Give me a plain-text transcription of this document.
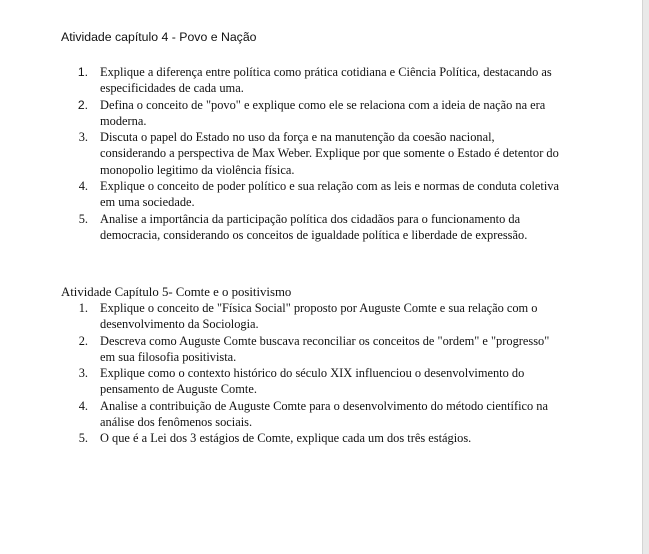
Atividade capítulo 4 - Povo e Nação
1. Explique a diferença entre política como prática cotidiana e Ciência Política, destacando as especificidades de cada uma.
2. Defina o conceito de "povo" e explique como ele se relaciona com a ideia de nação na era moderna.
3. Discuta o papel do Estado no uso da força e na manutenção da coesão nacional, considerando a perspectiva de Max Weber. Explique por que somente o Estado é detentor do monopolio legitimo da violência física.
4. Explique o conceito de poder político e sua relação com as leis e normas de conduta coletiva em uma sociedade.
5. Analise a importância da participação política dos cidadãos para o funcionamento da democracia, considerando os conceitos de igualdade política e liberdade de expressão.
Atividade Capítulo 5- Comte e o positivismo
1. Explique o conceito de "Física Social" proposto por Auguste Comte e sua relação com o desenvolvimento da Sociologia.
2. Descreva como Auguste Comte buscava reconciliar os conceitos de "ordem" e "progresso" em sua filosofia positivista.
3. Explique como o contexto histórico do século XIX influenciou o desenvolvimento do pensamento de Auguste Comte.
4. Analise a contribuição de Auguste Comte para o desenvolvimento do método científico na análise dos fenômenos sociais.
5. O que é a Lei dos 3 estágios de Comte, explique cada um dos três estágios.
